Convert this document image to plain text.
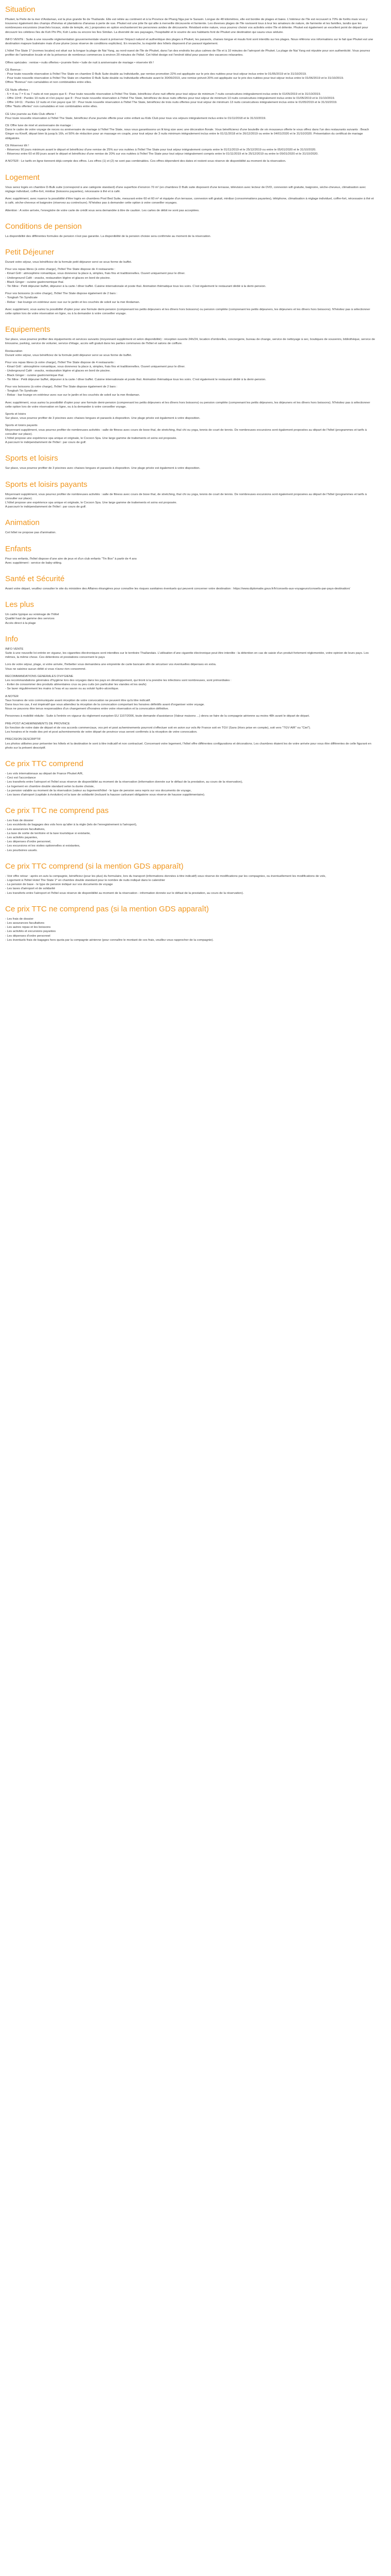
Situation
Phuket, la Perle de la mer d'Andaman, est la plus grande île de Thaïlande. Elle est reliée au continent et à la Province de Phang Nga par le Sarasin. Longue de 48 kilomètres, elle est bordée de plages et baies. L'intérieur de l'île est recouvert à 70% de forêts mais vous y trouverez également des champs d'hévéas et plantations d'ananas à perte de vue. Phuket est une jolie île qui allie à merveille découverte et farniente. Les diverses plages de l'île ravissent tous à leur les amateurs de nature, de farniente et les familles, tandis que les nombreuses excursions (marchés locaux, visite de temple, etc.) proposées en option enchanteront les personnes avides de découverte. Résidant entre nature, vous pourrez choisir vos activités entre l'île et détente. Phuket est également un excellent point de départ pour découvrir les célèbres îles de Koh Phi Phi, Koh Lanta ou encore les îles Similan. La diversité de ses paysages, l'hospitalité et le sourire de ses habitants font de Phuket une destination qui saura vous séduire.
INFO VENTE : Suite à une nouvelle réglementation gouvernementale visant à préserver l'impact naturel et authentique des plages à Phuket, les parasols, chaises longue et mauls font sont interdits sur les plages. Nous référons vos informations sur le fait que Phuket est une destination majeure balnéaire mais d'une plume (sous réserve de conditions explicites). En revanche, la majorité des hôtels disposent d'un parasol également.
L'hôtel The State 1* (normes locales) est situé sur la longue la plage de Nai Yang, au nord-ouest de l'île de Phuket, dans l'un des endroits les plus calmes de l'île et à 10 minutes de l'aéroport de Phuket. La plage de Nai Yang est réputée pour son authenticité. Vous pourrez profiter de l'animation locale et de la présence de nombreux commerces à environ 20 minutes de l'hôtel. Cet hôtel design est l'endroit idéal pour passer des vacances relaxantes.
Offres spéciales : remise • nuits offertes • journée fixée • Iude de nuit à anniversaire de mariage • réservée tôt !
CE Bonnus :
- Pour toute nouvelle réservation à l'hôtel The State en chambre D Bulk Suite double au Individuelle, par remise promotion 22% est appliquée sur le prix des nuitées pour tout séjour inclus entre le 01/05/2019 et le 31/10/2019.
- Pour toute nouvelle réservation à l'hôtel The State en chambre D Bulk Suite double ou Individuelle effectuée avant le 30/06/2019, une remise prévoit 20% est appliquée sur le prix des nuitées pour tout séjour inclus entre le 01/06/2019 et le 31/10/2019.
Offres "Bonnus" non cumulables et non combinables entre elles.
CE Nuits offertes :
- 5 = 4 ou 7 = 6 ou 7 nuits et non payes que 6 : Pour toute nouvelle réservation à l'hôtel The State, bénéficiez d'une nuit offerte pour tout séjour de minimum 7 nuits consécutives intégralement inclus entre le 01/05/2019 et le 31/10/2019.
- Offre 10=8 : Pardes 10 nuits et n'en payez que 8 : Pour toute nouvelle réservation à l'hôtel The State, bénéficiez de deux nuits offertes pour tout séjour de minimum 10 nuits consécutives intégralement inclus entre le 01/05/2019 et le 31/10/2019.
- Offre 14=11 : Pardes 12 nuits et n'en payez que 10 : Pour toute nouvelle réservation à l'hôtel The State, bénéficiez de trois nuits offertes pour tout séjour de minimum 13 nuits consécutives intégralement inclus entre le 01/05/2019 et le 31/10/2019.
Offre "Nuits offertes" non cumulables et non combinables entre elles.
CE Une journée au Kids Club offerte !
Pour toute nouvelle réservation à l'hôtel The State, bénéficiez d'une journée offerte pour votre enfant au Kids Club pour tous vos séjours intégralement inclus entre le 01/11/2018 et le 31/10/2019.
CE Offre lune de miel et anniversaire de mariage :
Dans le cadre de votre voyage de noces ou anniversaire de mariage à l'hôtel The State, nous vous garantissons un lit king size avec une décoration florale. Vous bénéficierez d'une bouteille de vin mousseux offerte le vous offrez dans l'un des restaurants suivants : Beach Ginger ou Kinoff, départ bien là jusqu'à 16h, et 50% de réduction pour un massage en couple, pour tout séjour de 3 nuits minimum intégralement inclus entre le 01/11/2018 et le 26/12/2019 ou entre le 04/01/2020 et le 31/10/2020. Présentation du certificat de mariage obligatoire.
CE Réservez tôt !
- Réservez 90 jours minimum avant le départ et bénéficiez d'une remise de 25% sur vos nuitées à l'hôtel The State pour tout séjour intégralement compris entre le 01/11/2019 et le 25/12/2019 ou entre le 05/01/2020 et le 31/10/2020.
- Réservez entre 60 et 89 jours avant le départ et bénéficiez d'une remise de 20% sur vos nuitées à l'hôtel The State pour tout séjour intégralement compris entre le 01/11/2019 et le 25/12/2019 ou entre le 05/01/2020 et le 31/10/2020.
A NOTER : Le tarifs en ligne tiennent déjà compte des offres. Les offres (1) et (2) ne sont pas combinables. Ces offres dépendent des dates et restent sous réserve de disponibilité au moment de la réservation.
Logement
Vous serez logés en chambre D-Bulk suite (correspond à une catégorie standard) d'une superficie d'environ 70 m² (en chambres D Bulk suite disposent d'une terrasse, télévision avec lecteur de DVD, connexion wifi gratuite, baignoire, sèche-cheveux, climatisation avec réglage individuel, coffre-fort, minibar (boissons payantes), nécessaire à thé et à café.
Avec supplément, avec nuance la possibilité d'être logés en chambres Pool Bed Suite, mesurant entre 60 et 60 m² et équipée d'un terrasse, connexion wifi gratuit, minibar (consommations payantes), téléphone, climatisation à réglage individuel, coffre-fort, nécessaire à thé et à café, sèche-cheveux et baignoire (réservez au contre/sure). N'hésitez pas à demander cette option à votre conseiller voyages.
Attention : A votre arrivée, l'enregistre de votre carte de crédit vous sera demandée à titre de caution. Les cartes de débit ne sont pas acceptées.
Conditions de pension
La disponibilité des différentes formules de pension n'est pas garantie. La disponibilité de la pension choisie sera confirmée au moment de la réservation.
Petit Déjeuner
Durant votre séjour, vous bénéficiez de la formule petit déjeuner servi se sous forme de buffet.
Pour vos repas libres (à votre charge), l'hôtel The State dispose de 4 restaurants :
- Kinarl Grill : atmosphère romantique, vous donnerez la place à, simples, frais fins et traditionnelles. Ouvert uniquement pour le dîner.
- Underground Café : snacks, restauration légère et glaces en bord de piscine.
- Black Ginger : cuisine gastronomique thaï.
- Tin Mine : Petit déjeuner buffet, déjeuner à la carte / dîner buffet. Cuisine internationale et poste thaï. Animation thématique tous les soirs. C'est également le restaurant dédié à la demi-pension.
Pour vos boissons (à votre charge), l'hôtel The State dispose également de 2 bars :
- Tongkah Tin Syndicate
- Rebar : bar-lounge en extérieur avec vue sur le jardin et les couchés de soleil sur la mer Andaman.
Avec supplément, vous auriez la possibilité d'opter pour une formule demi-pension (comprenant les petits déjeuners et les dîners hors boissons) ou pension complète (comprenant les petits déjeuners, les déjeuners et les dîners hors boissons). N'hésitez pas à sélectionner cette option lors de votre réservation en ligne, ou à la demander à votre conseiller voyage.
Equipements
Sur place, vous pourrez profiter des équipements et services suivants (moyennant supplément et selon disponibilité) : réception ouverte 24h/24, location d'ombrelles, conciergerie, bureau de change, service de nettoyage à sec, boutiques de souvenirs, bibliothèque, service de limousine, parking, service de voiturier, service d'étage, accès wifi gratuit dans les parties communes de l'hôtel et salons de coiffure.
Restauration
Durant votre séjour, vous bénéficiez de la formule petit déjeuner servi se sous forme de buffet.
Pour vos repas libres (à votre charge), l'hôtel The State dispose de 4 restaurants :
- Kinarl Grill : atmosphère romantique, vous donnerez la place à, simples, frais fins et traditionnelles. Ouvert uniquement pour le dîner.
- Underground Café : snacks, restauration légère et glaces en bord de piscine.
- Black Ginger : cuisine gastronomique thaï.
- Tin Mine : Petit déjeuner buffet, déjeuner à la carte / dîner buffet. Cuisine internationale et poste thaï. Animation thématique tous les soirs. C'est également le restaurant dédié à la demi-pension.
Pour vos boissons (à votre charge), l'hôtel The State dispose également de 2 bars :
- Tongkah Tin Syndicate
- Rebar : bar-lounge en extérieur avec vue sur le jardin et les couchés de soleil sur la mer Andaman.
Avec supplément, vous auriez la possibilité d'opter pour une formule demi-pension (comprenant les petits déjeuners et les dîners hors boissons) ou pension complète (comprenant les petits déjeuners, les déjeuners et les dîners hors boissons). N'hésitez pas à sélectionner cette option lors de votre réservation en ligne, ou à la demander à votre conseiller voyage.
Sports et loisirs
Sur place, vous pourrez profiter de 3 piscines avec chaises longues et parasols à disposition. Une plage privée est également à votre disposition.
Sports et loisirs payants
Moyennant supplément, vous pourrez profiter de nombreuses activités : salle de fitness avec cours de boxe thaï, de stretching, thaï chi ou yoga, tennis de court de tennis. De nombreuses excursions sont également proposées au départ de l'hôtel (programmes et tarifs à consulter sur place).
L'hôtel propose une expérience spa unique et originale, le Cocoon Spa. Une large gamme de traitements et soins est proposée.
A parcourir le indépendamment de l'hôtel : par cours de golf.
Sports et loisirs
Sur place, vous pourrez profiter de 3 piscines avec chaises longues et parasols à disposition. Une plage privée est également à votre disposition.
Sports et loisirs payants
Moyennant supplément, vous pourrez profiter de nombreuses activités : salle de fitness avec cours de boxe thaï, de stretching, thaï chi ou yoga, tennis de court de tennis. De nombreuses excursions sont également proposées au départ de l'hôtel (programmes et tarifs à consulter sur place).
L'hôtel propose une expérience spa unique et originale, le Cocoon Spa. Une large gamme de traitements et soins est proposée.
A parcourir le indépendamment de l'hôtel : par cours de golf.
Animation
Cet hôtel ne propose pas d'animation.
Enfants
Pour vos enfants, l'hôtel dispose d'une aire de jeux et d'un club enfants "Tin Box" à partir de 4 ans
Avec supplément : service de baby-sitting.
Santé et Sécurité
Avant votre départ, veuillez consulter le site du ministère des Affaires étrangères pour connaître les risques sanitaires éventuels qui peuvent concerner votre destination : https://www.diplomatie.gouv.fr/fr/conseils-aux-voyageurs/conseils-par-pays-destination/
Les plus
Un cadre typique au voisinage de l'hôtel
Qualité haut de gamme des services
Accès direct à la plage
Info
INFO VENTE
Suite à une nouvelle loi entrée en vigueur, les cigarettes électroniques sont interdites sur le territoire Thaïlandais. L'utilisation d'une cigarette électronique peut être interdite : la détention en cas de saisie d'un produit fortement réglementée, votre opinion de leurs pays. Les mêmes, la même chose. Ces détentions et prestations concernent le pays
Lors de votre séjour, plage, si votre arrivée, l'hébetter vous demandera une empreinte de carte bancaire afin de sécuriser vos éventuelles dépenses en extra.
Vous ne saisirez aucun débit si vous n'avez rien consommé.
RECOMMANDATIONS GENERALES D'HYGIENE
Les recommandations générales d'hygiène lors des voyages dans les pays en développement, qui tiront à la prendre les infections sont nombreuses, sont primordiales :
- Eviter de consommer des produits alimentaires crus ou peu cuits (en particulier les viandes et les œufs)
- Se laver régulièrement les mains à l'eau et au savon ou au soluté hydro-alcoolique.
A NOTER
Taux horaires de voix communiquée avant réception de votre convocation ne peuvent être qu'à titre indicatif.
Dans tous les cas, il est impératif que vous attendiez la réception de la convocation comportant les horaires définitifs avant d'organiser votre voyage.
Nous ne pouvons être tenus responsables d'un changement d'horaires entre votre réservation et la convocation définitive.
Personnes à mobilité réduite : Suite à l'entrée en vigueur du règlement européen EU 1107/2006, toute demande d'assistance (Valeur maisons ...) devra se faire de la compagnie aérienne au moins 48h avant le départ de départ.
PRE-POST ACHEMINEMENTS DE PROVINCE
En fonction de notre date de départ et de vos accords commerciaux, vos pré et post acheminements pourront s'effectuer soit en avion sur vols Air France soit en TGV (Sans (Hors prise en compte), soit vers "TGV AIR" ou "Ciel").
Les horaires et le mode des pré et post acheminements de votre départ de province vous seront confirmés à la réception de votre convocation.
PRECISION DESCRIPTIF
Les photos utilisées pour présenter les hôtels et la destination le sont à titre indicatif et non contractuel. Concernant votre logement, l'hôtel offre différentes configurations et décorations. Les chambres étaient les de votre arrivée pour vous être différentes de celle figurant en photo sur la présent descriptif.
Ce prix TTC comprend
- Les vols internationaux au départ de France Phuket A/R,
- Ceci est l'accordance
- Les transferts entre l'aéroport et l'hôtel sous réserve de disponibilité au moment de la réservation (information donnée sur le défaut de la prestation, au cours de la réservation),
- Le logement en chambre double standard selon la durée choisie,
- La pension valable au moment de la réservation (valeur au logement/hôtel - le type de pension sera repris sur vos documents de voyage,
- Les taxes d'aéroport (capitale à évolution) et la taxe de solidarité (incluant la hausse carburant obligatoire sous réserve de hausse supplémentaire).
Ce prix TTC ne comprend pas
- Les frais de dossier
- Les excédents de bagages des vols hors qu'aller à la règle (tels de l'enregistrement à l'aéroport),
- Les assurances facultatives,
- La taxe de sortie de territoire et la taxe touristique si existante,
- Les activités payantes,
- Les dépenses d'ordre personnel,
- Les excursions et les visites optionnelles si existantes,
- Les pourboires usuels.
Ce prix TTC comprend (si la mention GDS apparaît)
- Voir offre retour : après en avis la compagnie, bénéficiez (pour les plus) du formulaire, lors du transport (informations données à titre indicatif) sous réserve de modifications par les compagnies, ou éventuellement les modifications de vols,
- Logement à l'hôtel Hotel The State 1* en chambre double standard pour le nombre de nuits indiqué dans le calendrier
- La pension de base - le type de pension indiqué sur vos documents de voyage
- Les taxes d'aéroport et de solidarité
- Les transferts entre l'aéroport et l'hôtel sous réserve de disponibilité au moment de la réservation - information donnée sur le défaut de la prestation, au cours de la réservation).
Ce prix TTC ne comprend pas (si la mention GDS apparaît)
- Les frais de dossier
- Les assurances facultatives
- Les autres repas et les boissons
- Les activités et excursions payantes
- Les dépenses d'ordre personnel
- Les éventuels frais de bagages hors quota par la compagnie aérienne (pour connaître le montant de ces frais, veuillez vous rapprocher de la compagnie).
